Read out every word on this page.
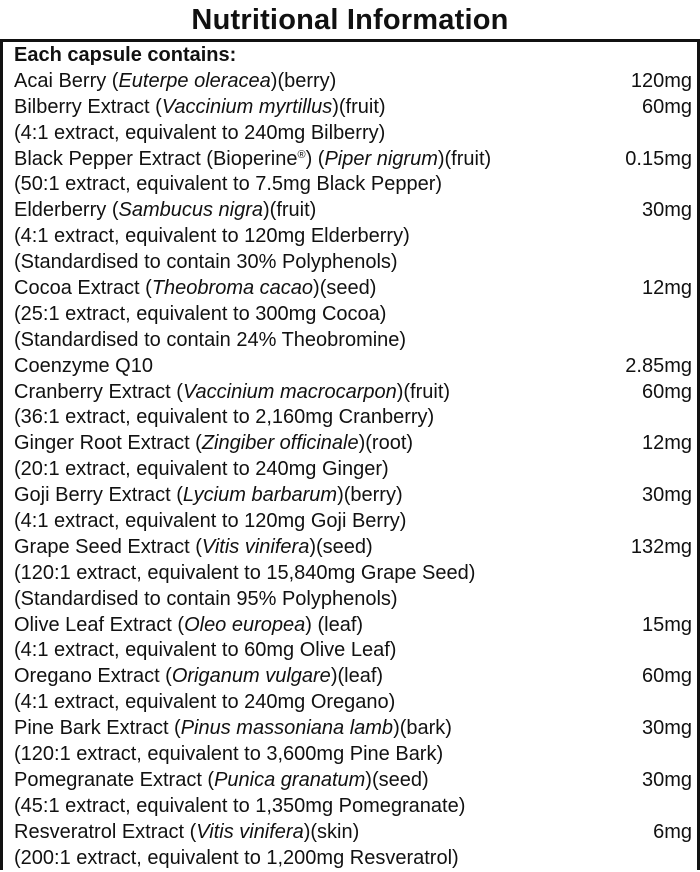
Nutritional Information
Each capsule contains:
Acai Berry (Euterpe oleracea)(berry)	120mg
Bilberry Extract (Vaccinium myrtillus)(fruit)	60mg
(4:1 extract, equivalent to 240mg Bilberry)
Black Pepper Extract (Bioperine®) (Piper nigrum)(fruit)	0.15mg
(50:1 extract, equivalent to 7.5mg Black Pepper)
Elderberry (Sambucus nigra)(fruit)	30mg
(4:1 extract, equivalent to 120mg Elderberry)
(Standardised to contain 30% Polyphenols)
Cocoa Extract (Theobroma cacao)(seed)	12mg
(25:1 extract, equivalent to 300mg Cocoa)
(Standardised to contain 24% Theobromine)
Coenzyme Q10	2.85mg
Cranberry Extract (Vaccinium macrocarpon)(fruit)	60mg
(36:1 extract, equivalent to 2,160mg Cranberry)
Ginger Root Extract (Zingiber officinale)(root)	12mg
(20:1 extract, equivalent to 240mg Ginger)
Goji Berry Extract (Lycium barbarum)(berry)	30mg
(4:1 extract, equivalent to 120mg Goji Berry)
Grape Seed Extract (Vitis vinifera)(seed)	132mg
(120:1 extract, equivalent to 15,840mg Grape Seed)
(Standardised to contain 95% Polyphenols)
Olive Leaf Extract (Oleo europea) (leaf)	15mg
(4:1 extract, equivalent to 60mg Olive Leaf)
Oregano Extract (Origanum vulgare)(leaf)	60mg
(4:1 extract, equivalent to 240mg Oregano)
Pine Bark Extract (Pinus massoniana lamb)(bark)	30mg
(120:1 extract, equivalent to 3,600mg Pine Bark)
Pomegranate Extract (Punica granatum)(seed)	30mg
(45:1 extract, equivalent to 1,350mg Pomegranate)
Resveratrol Extract (Vitis vinifera)(skin)	6mg
(200:1 extract, equivalent to 1,200mg Resveratrol)
